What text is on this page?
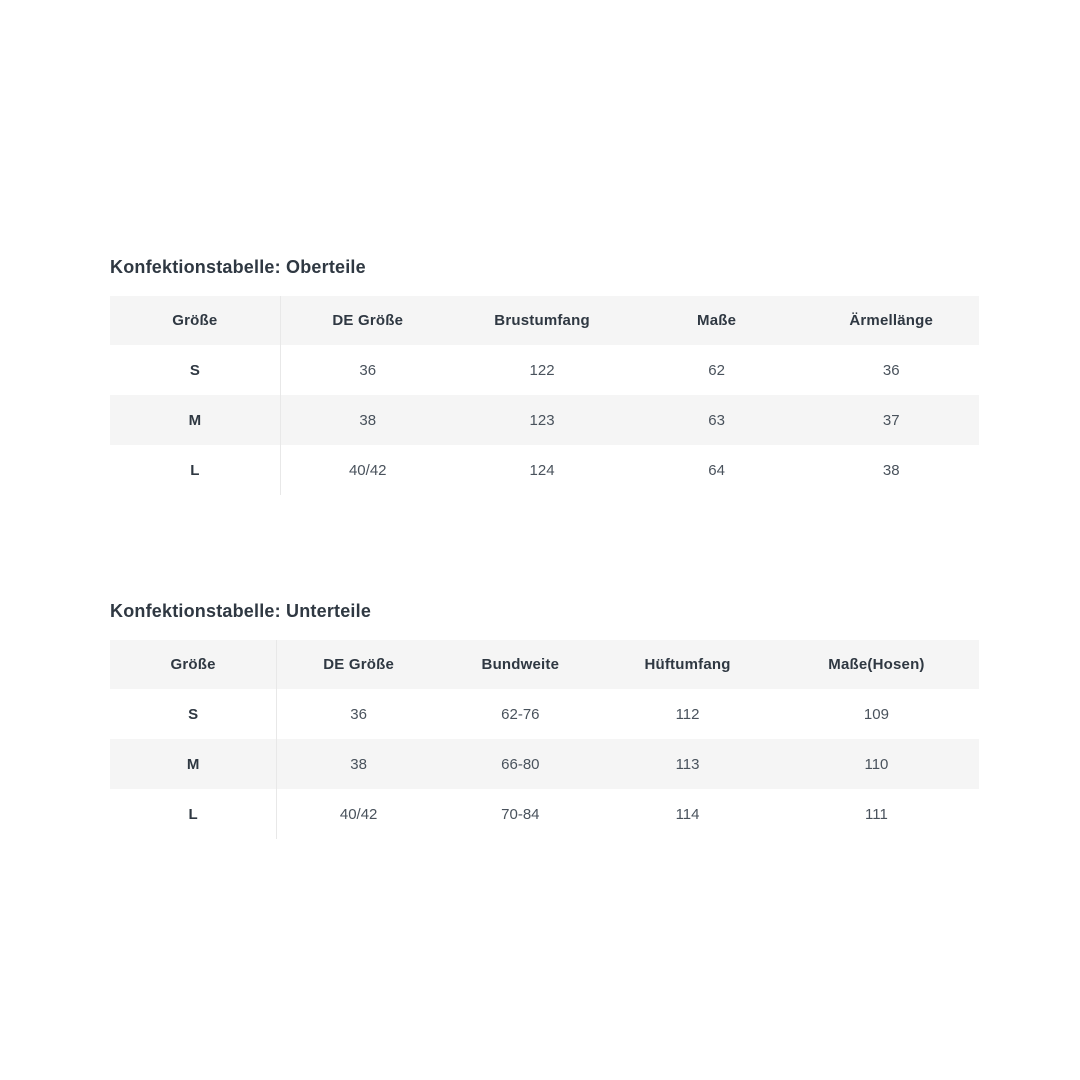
Konfektionstabelle: Oberteile
Größe	DE Größe	Brustumfang	Maße	Ärmellänge
S	36	122	62	36
M	38	123	63	37
L	40/42	124	64	38
Konfektionstabelle: Unterteile
Größe	DE Größe	Bundweite	Hüftumfang	Maße(Hosen)
S	36	62-76	112	109
M	38	66-80	113	110
L	40/42	70-84	114	111
